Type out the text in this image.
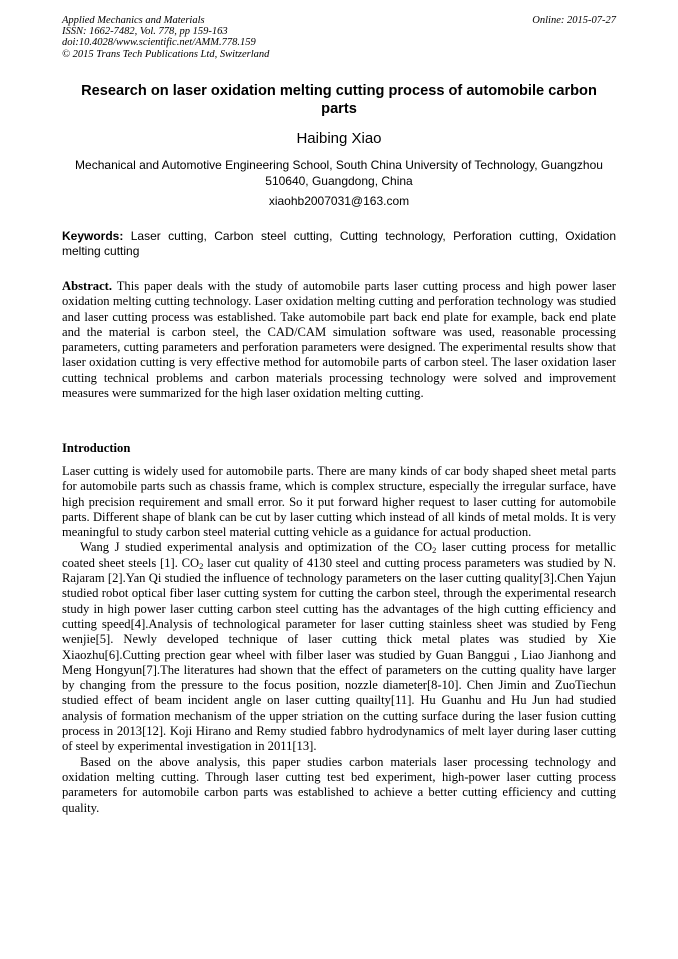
Applied Mechanics and Materials
ISSN: 1662-7482, Vol. 778, pp 159-163
doi:10.4028/www.scientific.net/AMM.778.159
© 2015 Trans Tech Publications Ltd, Switzerland
Online: 2015-07-27
Research on laser oxidation melting cutting process of automobile carbon parts
Haibing Xiao
Mechanical and Automotive Engineering School, South China University of Technology, Guangzhou 510640, Guangdong, China
xiaohb2007031@163.com
Keywords: Laser cutting, Carbon steel cutting, Cutting technology, Perforation cutting, Oxidation melting cutting
Abstract. This paper deals with the study of automobile parts laser cutting process and high power laser oxidation melting cutting technology. Laser oxidation melting cutting and perforation technology was studied and laser cutting process was established. Take automobile part back end plate for example, back end plate and the material is carbon steel, the CAD/CAM simulation software was used, reasonable processing parameters, cutting parameters and perforation parameters were designed. The experimental results show that laser oxidation cutting is very effective method for automobile parts of carbon steel. The laser oxidation laser cutting technical problems and carbon materials processing technology were solved and improvement measures were summarized for the high laser oxidation melting cutting.
Introduction

Laser cutting is widely used for automobile parts. There are many kinds of car body shaped sheet metal parts for automobile parts such as chassis frame, which is complex structure, especially the irregular surface, have high precision requirement and small error. So it put forward higher request to laser cutting for automobile parts. Different shape of blank can be cut by laser cutting which instead of all kinds of metal molds. It is very meaningful to study carbon steel material cutting vehicle as a guidance for actual production.

Wang J studied experimental analysis and optimization of the $CO_2$ laser cutting process for metallic coated sheet steels [1]. $CO_2$ laser cut quality of 4130 steel and cutting process parameters was studied by N. Rajaram [2].Yan Qi studied the influence of technology parameters on the laser cutting quality[3].Chen Yajun studied robot optical fiber laser cutting system for cutting the carbon steel, through the experimental research study in high power laser cutting carbon steel cutting has the advantages of the high cutting efficiency and cutting speed[4].Analysis of technological parameter for laser cutting stainless sheet was studied by Feng wenjie[5]. Newly developed technique of laser cutting thick metal plates was studied by Xie Xiaozhu[6].Cutting prection gear wheel with filber laser was studied by Guan Banggui , Liao Jianhong and Meng Hongyun[7].The literatures had shown that the effect of parameters on the cutting quality have larger by changing from the pressure to the focus position, nozzle diameter[8-10]. Chen Jimin and ZuoTiechun studied effect of beam incident angle on laser cutting quailty[11]. Hu Guanhu and Hu Jun had studied analysis of formation mechanism of the upper striation on the cutting surface during the laser fusion cutting process in 2013[12]. Koji Hirano and Remy studied fabbro hydrodynamics of melt layer during laser cutting of steel by experimental investigation in 2011[13].

Based on the above analysis, this paper studies carbon materials laser processing technology and oxidation melting cutting. Through laser cutting test bed experiment, high-power laser cutting process parameters for automobile carbon parts was established to achieve a better cutting efficiency and cutting quality.
